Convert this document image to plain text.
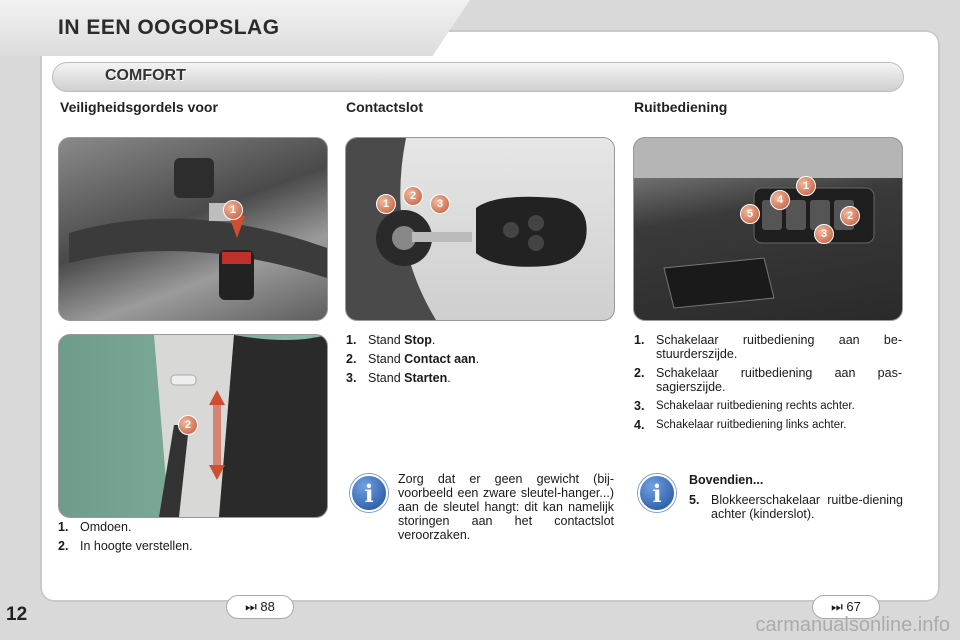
IN EEN OOGOPSLAG
COMFORT
Veiligheidsgordels voor
1
2
1. Omdoen.
2. In hoogte verstellen.
Contactslot
1
2
3
1. Stand Stop.
2. Stand Contact aan.
3. Stand Starten.
i	Zorg dat er geen gewicht (bij-voorbeeld een zware sleutel-hanger...) aan de sleutel hangt: dit kan namelijk storingen aan het contactslot veroorzaken.
Ruitbediening
1
2
3
4
5
1. Schakelaar ruitbediening aan be-stuurderszijde.
2. Schakelaar ruitbediening aan pas-sagierszijde.
3.	Schakelaar ruitbediening rechts achter.
4.	Schakelaar ruitbediening links achter.
i	Bovendien...
5. Blokkeerschakelaar ruitbe-diening achter (kinderslot).
⏭ 88	⏭ 67
12	carmanualsonline.info
